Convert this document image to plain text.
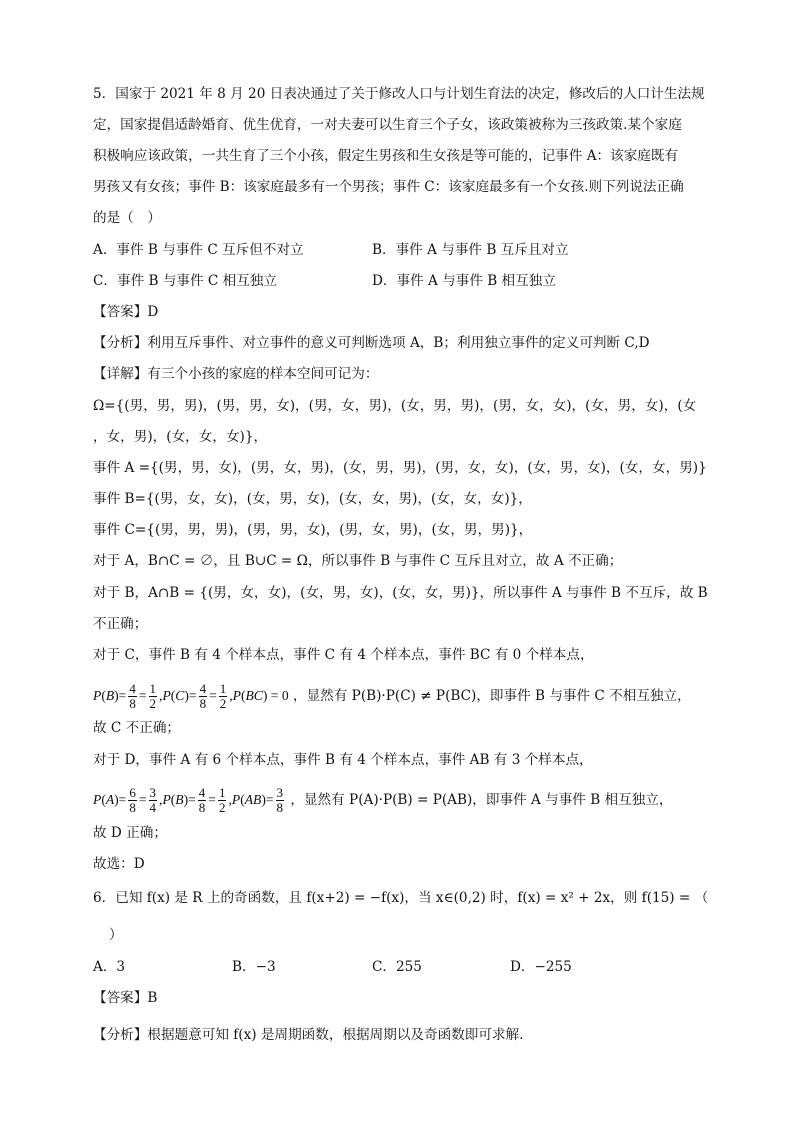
5．国家于 2021 年 8 月 20 日表决通过了关于修改人口与计划生育法的决定，修改后的人口计生法规
定，国家提倡适龄婚育、优生优育，一对夫妻可以生育三个子女，该政策被称为三孩政策.某个家庭
积极响应该政策，一共生育了三个小孩，假定生男孩和生女孩是等可能的，记事件 A：该家庭既有
男孩又有女孩；事件 B：该家庭最多有一个男孩；事件 C：该家庭最多有一个女孩.则下列说法正确
的是（　）
A．事件 B 与事件 C 互斥但不对立	B．事件 A 与事件 B 互斥且对立
C．事件 B 与事件 C 相互独立	D．事件 A 与事件 B 相互独立
【答案】D
【分析】利用互斥事件、对立事件的意义可判断选项 A，B；利用独立事件的定义可判断 C,D
【详解】有三个小孩的家庭的样本空间可记为：
Ω={(男，男，男)，(男，男，女)，(男，女，男)，(女，男，男)，(男，女，女)，(女，男，女)，(女
，女，男)，(女，女，女)}，
事件 A ={(男，男，女)，(男，女，男)，(女，男，男)，(男，女，女)，(女，男，女)，(女，女，男)}
事件 B={(男，女，女)，(女，男，女)，(女，女，男)，(女，女，女)}，
事件 C={(男，男，男)，(男，男，女)，(男，女，男)，(女，男，男)}，
对于 A，B∩C = ∅，且 B∪C = Ω，所以事件 B 与事件 C 互斥且对立，故 A 不正确；
对于 B，A∩B = {(男，女，女)，(女，男，女)，(女，女，男)}，所以事件 A 与事件 B 不互斥，故 B
不正确；
对于 C，事件 B 有 4 个样本点，事件 C 有 4 个样本点，事件 BC 有 0 个样本点，
$P(B)= \frac{4}{8} = \frac{1}{2} ,P(C)= \frac{4}{8} = \frac{1}{2} ,P(BC) = 0$ ，显然有 P(B)·P(C) ≠ P(BC)，即事件 B 与事件 C 不相互独立，
故 C 不正确；
对于 D，事件 A 有 6 个样本点，事件 B 有 4 个样本点，事件 AB 有 3 个样本点，
$P(A)= \frac{6}{8} = \frac{3}{4} ,P(B)= \frac{4}{8} = \frac{1}{2} ,P(AB)= \frac{3}{8}$ ，显然有 P(A)·P(B) = P(AB)，即事件 A 与事件 B 相互独立，
故 D 正确；
故选：D
6．已知 f(x) 是 R 上的奇函数，且 f(x+2) = −f(x)，当 x∈(0,2) 时，f(x) = x² + 2x，则 f(15) = （
）
A．3	B．−3	C．255	D．−255
【答案】B
【分析】根据题意可知 f(x) 是周期函数，根据周期以及奇函数即可求解.
